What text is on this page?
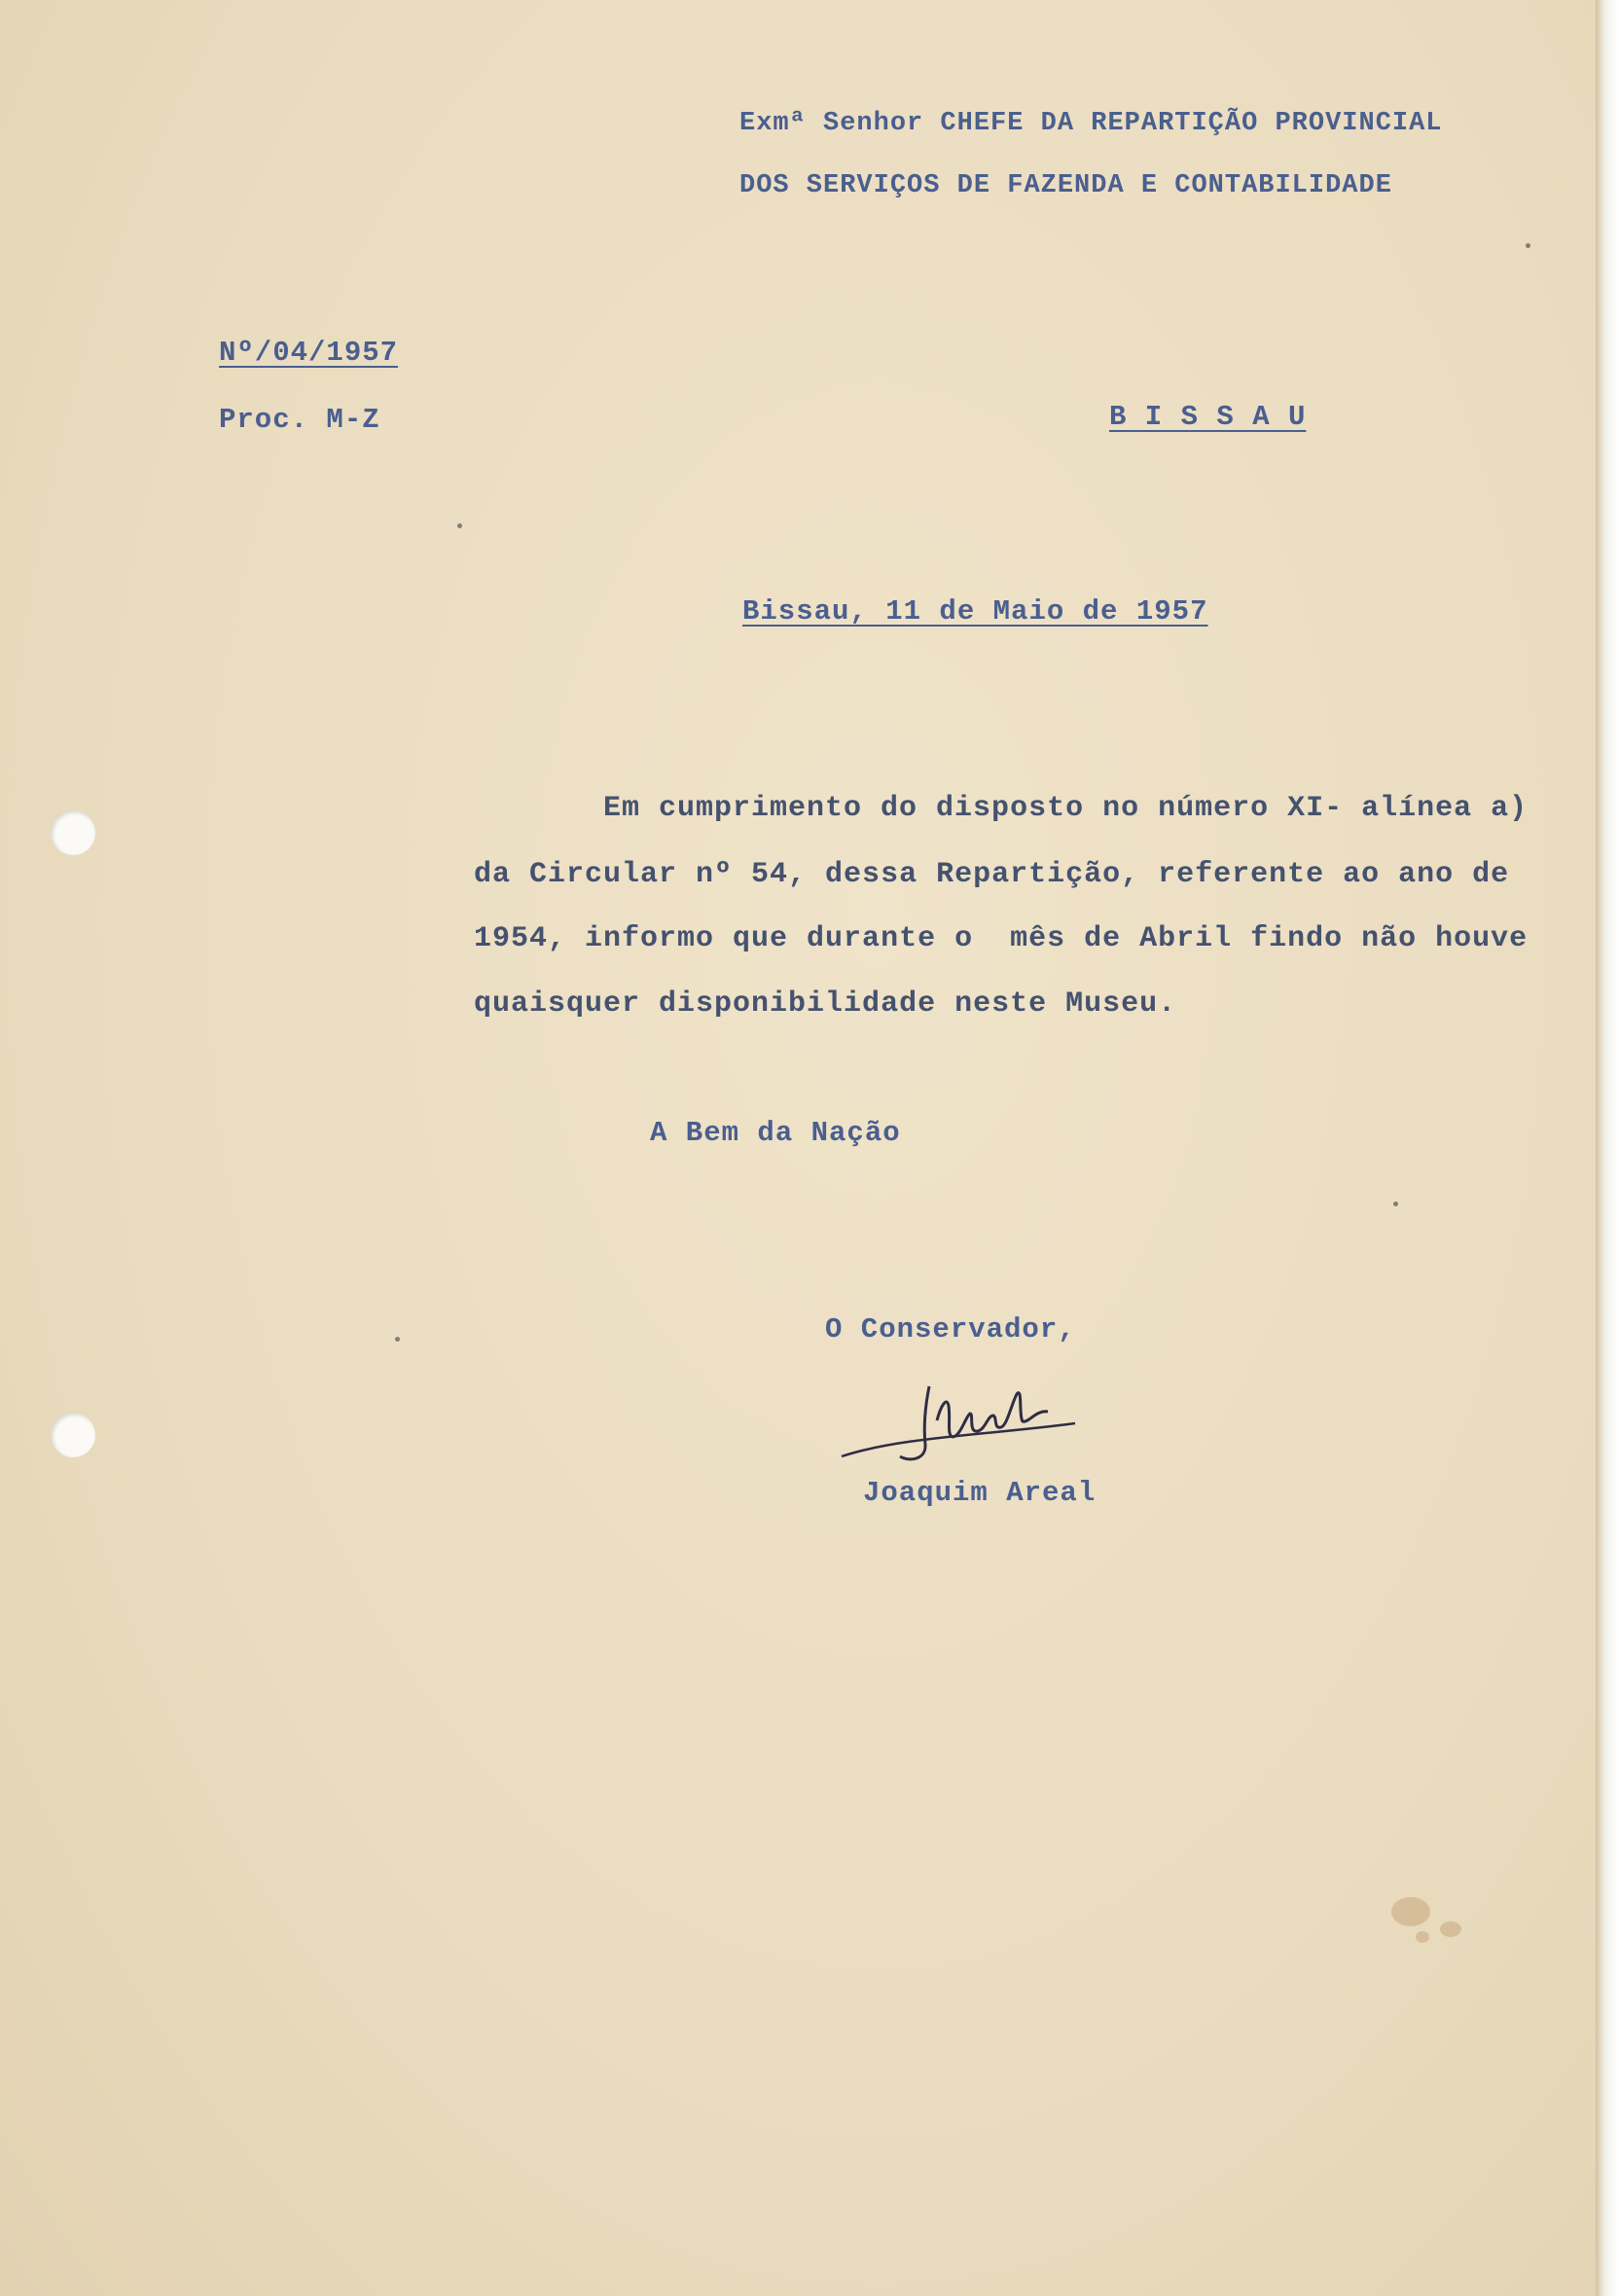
Exmª Senhor CHEFE DA REPARTIÇÃO PROVINCIAL
DOS SERVIÇOS DE FAZENDA E CONTABILIDADE
Nº/04/1957
Proc. M-Z	B I S S A U
Bissau, 11 de Maio de 1957
Em cumprimento do disposto no número XI- alínea a)
da Circular nº 54, dessa Repartição, referente ao ano de
1954, informo que durante o  mês de Abril findo não houve
quaisquer disponibilidade neste Museu.
A Bem da Nação
O Conservador,
Joaquim Areal
